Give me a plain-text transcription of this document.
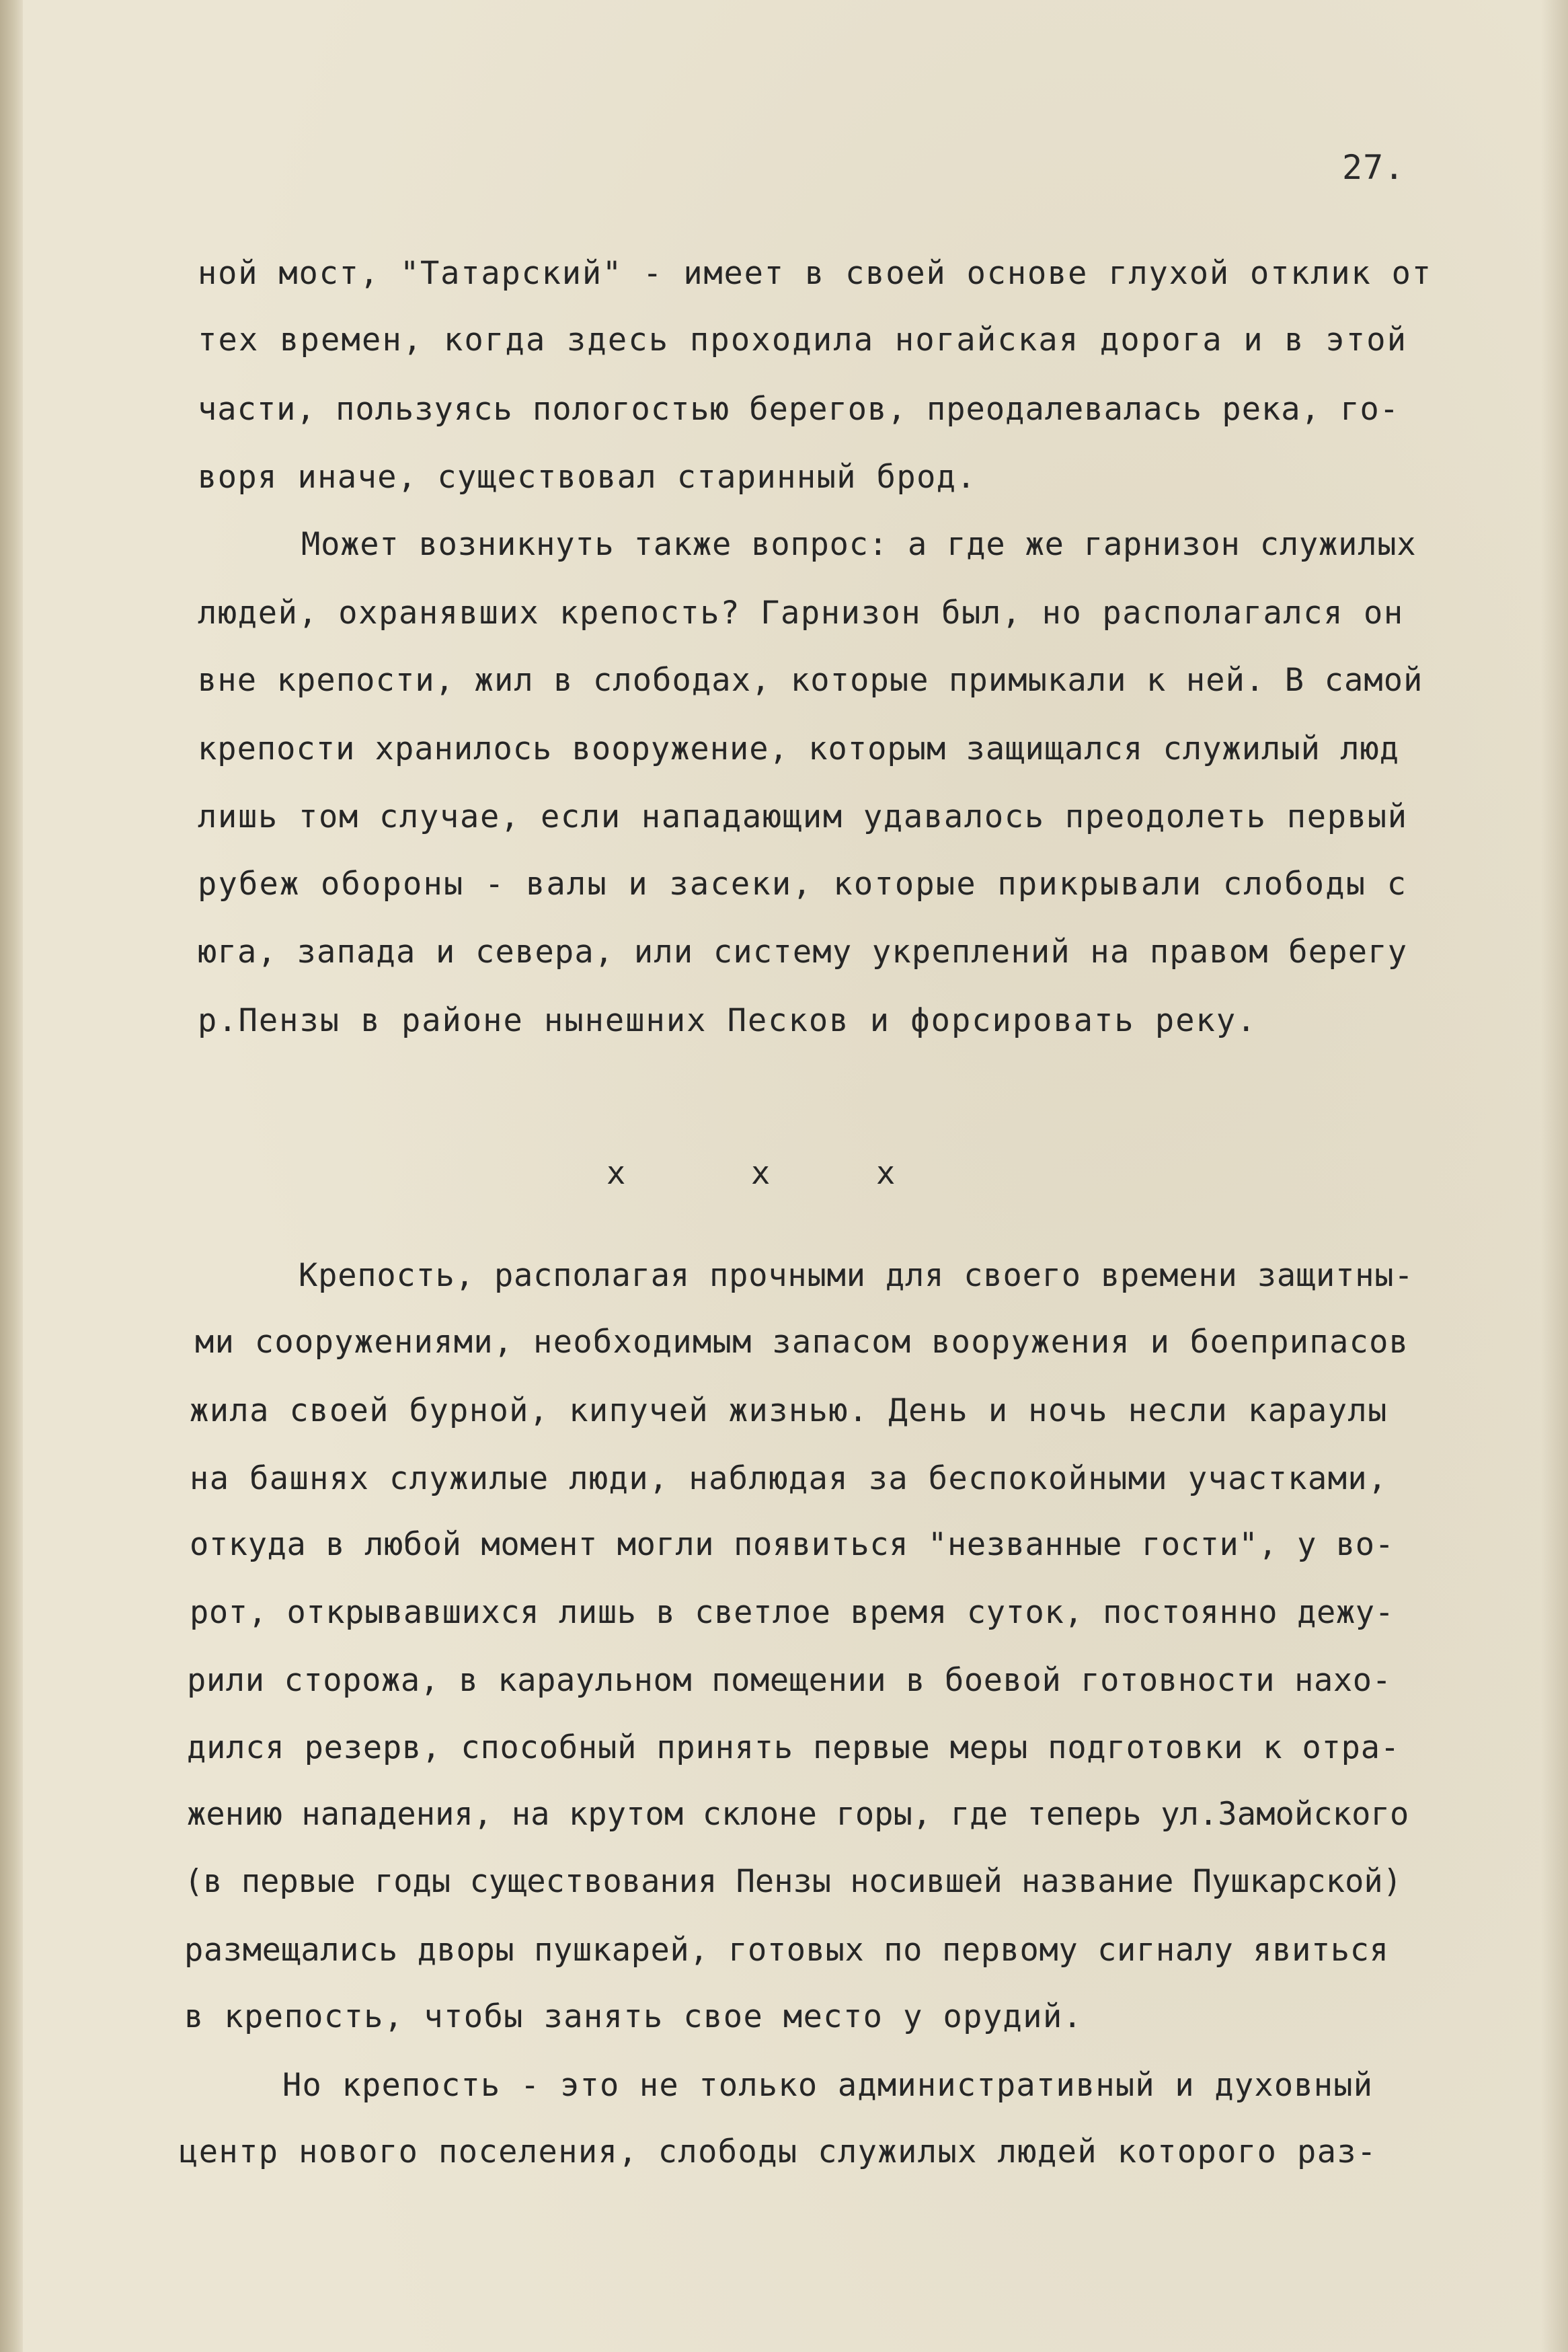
27.
ной мост, "Татарский" - имеет в своей основе глухой отклик от
тех времен, когда здесь проходила ногайская дорога и в этой
части, пользуясь пологостью берегов, преодалевалась река, го-
воря иначе, существовал старинный брод.
Может возникнуть также вопрос: а где же гарнизон служилых
людей, охранявших крепость? Гарнизон был, но располагался он
вне крепости, жил в слободах, которые примыкали к ней. В самой
крепости хранилось вооружение, которым защищался служилый люд
лишь том случае, если нападающим удавалось преодолеть первый
рубеж обороны - валы и засеки, которые прикрывали слободы с
юга, запада и севера, или систему укреплений на правом берегу
р.Пензы в районе нынешних Песков и форсировать реку.
x	x	x
Крепость, располагая прочными для своего времени защитны-
ми сооружениями, необходимым запасом вооружения и боеприпасов
жила своей бурной, кипучей жизнью. День и ночь несли караулы
на башнях служилые люди, наблюдая за беспокойными участками,
откуда в любой момент могли появиться "незванные гости", у во-
рот, открывавшихся лишь в светлое время суток, постоянно дежу-
рили сторожа, в караульном помещении в боевой готовности нахо-
дился резерв, способный принять первые меры подготовки к отра-
жению нападения, на крутом склоне горы, где теперь ул.Замойского
(в первые годы существования Пензы носившей название Пушкарской)
размещались дворы пушкарей, готовых по первому сигналу явиться
в крепость, чтобы занять свое место у орудий.
Но крепость - это не только административный и духовный
центр нового поселения, слободы служилых людей которого раз-
